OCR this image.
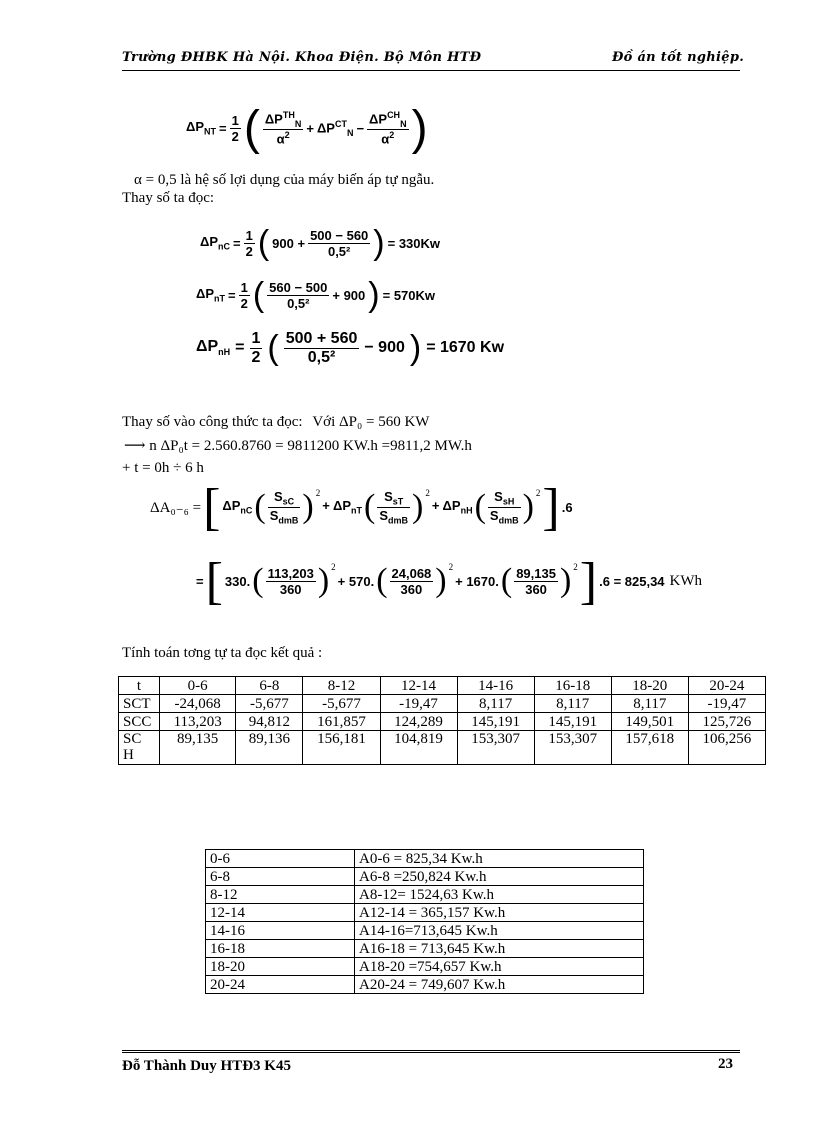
Trường ĐHBK Hà Nội. Khoa Điện. Bộ Môn HTĐ	Đồ án tốt nghiệp.
$\Delta P_{NT} = \frac{1}{2}$ ( $\frac{\Delta P^{TH}_N}{\alpha^2} + \Delta P^{CT}_N - \frac{\Delta P^{CH}_N}{\alpha^2}$ )
α = 0,5 là hệ số lợi dụng của máy biến áp tự ngẫu.
Thay số ta đọc:
$\Delta P_{nC} = \frac{1}{2}$ ( $900 + \frac{500 - 560}{\text{0,5²}}$ ) = 330Kw
$\Delta P_{nT} = \frac{1}{2}$ ( $\frac{560 - 500}{\text{0,5²}} + 900$ ) = 570Kw
$\Delta P_{nH} = \frac{1}{2}$ ( $\frac{500 + 560}{\text{0,5²}} - 900$ ) = 1670 Kw
Thay số vào công thức ta đọc: Với ΔP₀ = 560 KW
⟶ n ΔP₀t = 2.560.8760 = 9811200 KW.h =9811,2 MW.h
+ t = 0h ÷ 6 h
ΔA₀₋₆ = [ $\Delta P_{nC}$ ( $\frac{S_{sC}}{S_{dmB}} )^2$
+ $\Delta P_{nT}$ ( $\frac{S_{sT}}{S_{dmB}} )^2$
+ $\Delta P_{nH}$ ( $\frac{S_{sH}}{S_{dmB}} )^2$ ] .6
= [ 330. ( $\frac{113,203}{360} )^2$
+ 570. ( $\frac{24,068}{360} )^2$
+ 1670. ( $\frac{89,135}{360} )^2$ ] .6 = 825,34 KWh
Tính toán tơng tự ta đọc kết quả :
t	0-6	6-8	8-12	12-14	14-16	16-18	18-20	20-24
SCT	-24,068	-5,677	-5,677	-19,47	8,117	8,117	8,117	-19,47
SCC	113,203	94,812	161,857	124,289	145,191	145,191	149,501	125,726
SC H	89,135	89,136	156,181	104,819	153,307	153,307	157,618	106,256
0-6	A0-6 = 825,34 Kw.h
6-8	A6-8 =250,824 Kw.h
8-12	A8-12= 1524,63 Kw.h
12-14	A12-14 = 365,157 Kw.h
14-16	A14-16=713,645 Kw.h
16-18	A16-18 = 713,645 Kw.h
18-20	A18-20 =754,657 Kw.h
20-24	A20-24 = 749,607 Kw.h
Đỗ Thành Duy HTĐ3 K45	23
